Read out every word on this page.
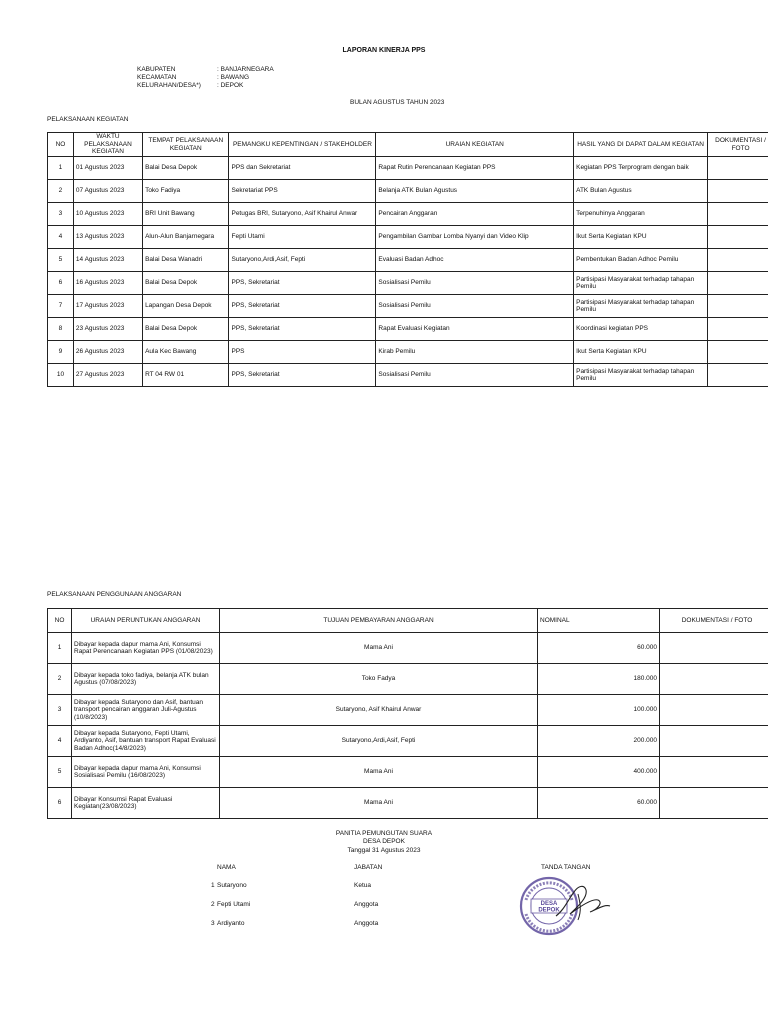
LAPORAN KINERJA PPS
KABUPATEN	: BANJARNEGARA
KECAMATAN	: BAWANG
KELURAHAN/DESA*) : DEPOK
BULAN AGUSTUS TAHUN 2023
PELAKSANAAN KEGIATAN
NO	WAKTU PELAKSANAAN KEGIATAN	TEMPAT PELAKSANAAN KEGIATAN	PEMANGKU KEPENTINGAN / STAKEHOLDER	URAIAN KEGIATAN	HASIL YANG DI DAPAT DALAM KEGIATAN	DOKUMENTASI / FOTO
1	01 Agustus 2023	Balai Desa Depok	PPS dan Sekretariat	Rapat Rutin Perencanaan Kegiatan PPS	Kegiatan PPS Terprogram dengan baik	
2	07 Agustus 2023	Toko Fadiya	Sekretariat PPS	Belanja ATK Bulan Agustus	ATK Bulan Agustus	
3	10 Agustus 2023	BRI Unit Bawang	Petugas BRI, Sutaryono, Asif Khairul Anwar	Pencairan Anggaran	Terpenuhinya Anggaran	
4	13 Agustus 2023	Alun-Alun Banjarnegara	Fepti Utami	Pengambilan Gambar Lomba Nyanyi dan Video Klip	Ikut Serta Kegiatan KPU	
5	14 Agustus 2023	Balai Desa Wanadri	Sutaryono,Ardi,Asif, Fepti	Evaluasi Badan Adhoc	Pembentukan Badan Adhoc Pemilu	
6	16 Agustus 2023	Balai Desa Depok	PPS, Sekretariat	Sosialisasi Pemilu	Partisipasi Masyarakat terhadap tahapan Pemilu	
7	17 Agustus 2023	Lapangan Desa Depok	PPS, Sekretariat	Sosialisasi Pemilu	Partisipasi Masyarakat terhadap tahapan Pemilu	
8	23 Agustus 2023	Balai Desa Depok	PPS, Sekretariat	Rapat Evaluasi Kegiatan	Koordinasi kegiatan PPS	
9	26 Agustus 2023	Aula Kec Bawang	PPS	Kirab Pemilu	Ikut Serta Kegiatan KPU	
10	27 Agustus 2023	RT 04 RW 01	PPS, Sekretariat	Sosialisasi Pemilu	Partisipasi Masyarakat terhadap tahapan Pemilu	
PELAKSANAAN PENGGUNAAN ANGGARAN
NO	URAIAN PERUNTUKAN ANGGARAN	TUJUAN PEMBAYARAN ANGGARAN	NOMINAL	DOKUMENTASI / FOTO
1	Dibayar kepada dapur mama Ani, Konsumsi Rapat Perencanaan Kegiatan PPS (01/08/2023)	Mama Ani	60.000	
2	Dibayar kepada toko fadiya, belanja ATK bulan Agustus (07/08/2023)	Toko Fadya	180.000	
3	Dibayar kepada Sutaryono dan Asif, bantuan transport pencairan anggaran Juli-Agustus (10/8/2023)	Sutaryono, Asif Khairul Anwar	100.000	
4	Dibayar kepada Sutaryono, Fepti Utami, Ardiyanto, Asif, bantuan transport Rapat Evaluasi Badan Adhoc(14/8/2023)	Sutaryono,Ardi,Asif, Fepti	200.000	
5	Dibayar kepada dapur mama Ani, Konsumsi Sosialisasi Pemilu (16/08/2023)	Mama Ani	400.000	
6	Dibayar Konsumsi Rapat Evaluasi Kegiatan(23/08/2023)	Mama Ani	60.000	
PANITIA PEMUNGUTAN SUARA
DESA DEPOK
Tanggal 31 Agustus 2023
NAMA	JABATAN	TANDA TANGAN
1 Sutaryono	Ketua
2 Fepti Utami	Anggota
3 Ardiyanto	Anggota
DESA
DEPOK
